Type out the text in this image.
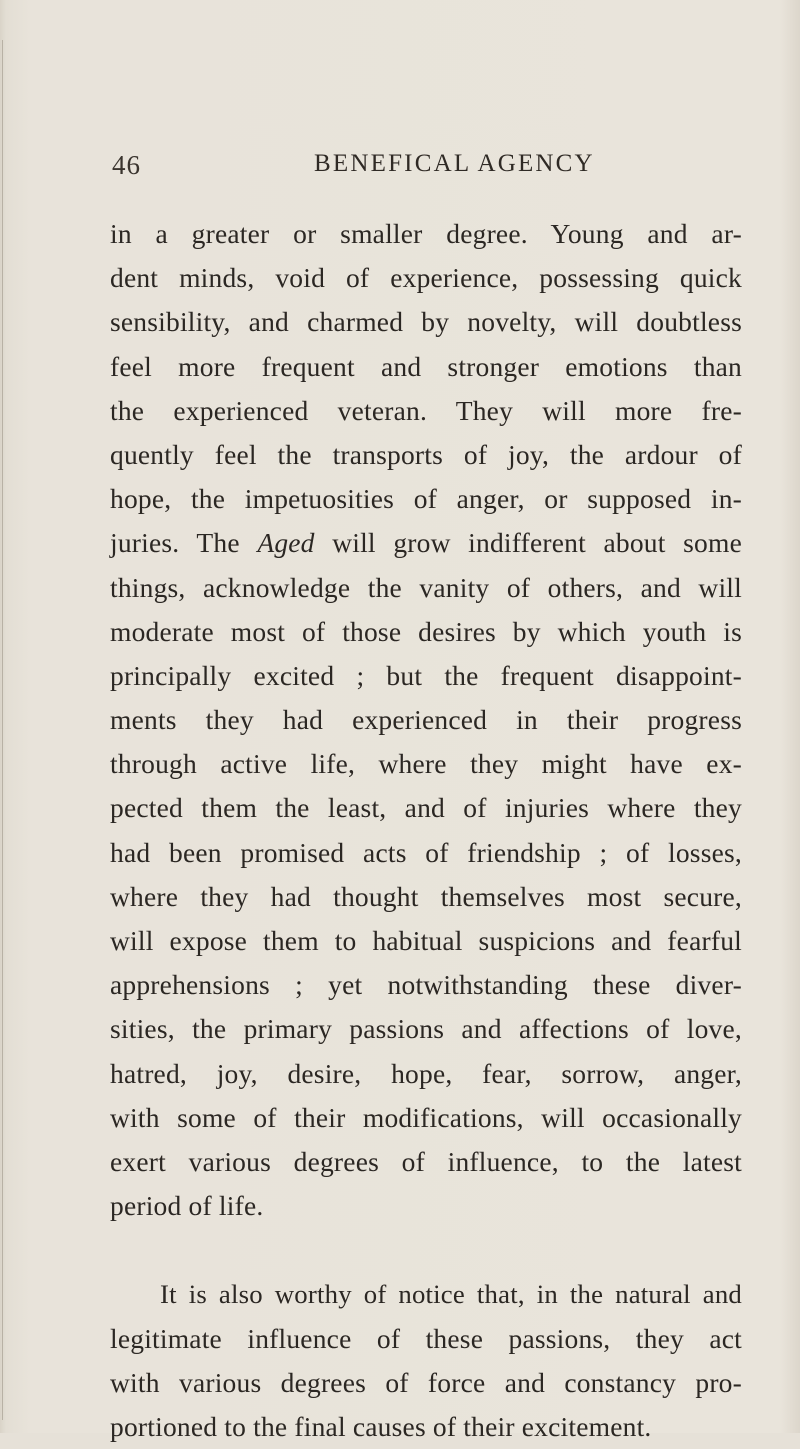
46	BENEFICAL AGENCY
in a greater or smaller degree. Young and ar-
dent minds, void of experience, possessing quick
sensibility, and charmed by novelty, will doubtless
feel more frequent and stronger emotions than
the experienced veteran. They will more fre-
quently feel the transports of joy, the ardour of
hope, the impetuosities of anger, or supposed in-
juries. The Aged will grow indifferent about some
things, acknowledge the vanity of others, and will
moderate most of those desires by which youth is
principally excited ; but the frequent disappoint-
ments they had experienced in their progress
through active life, where they might have ex-
pected them the least, and of injuries where they
had been promised acts of friendship ; of losses,
where they had thought themselves most secure,
will expose them to habitual suspicions and fearful
apprehensions ; yet notwithstanding these diver-
sities, the primary passions and affections of love,
hatred, joy, desire, hope, fear, sorrow, anger,
with some of their modifications, will occasionally
exert various degrees of influence, to the latest
period of life.
It is also worthy of notice that, in the natural and
legitimate influence of these passions, they act
with various degrees of force and constancy pro-
portioned to the final causes of their excitement.
